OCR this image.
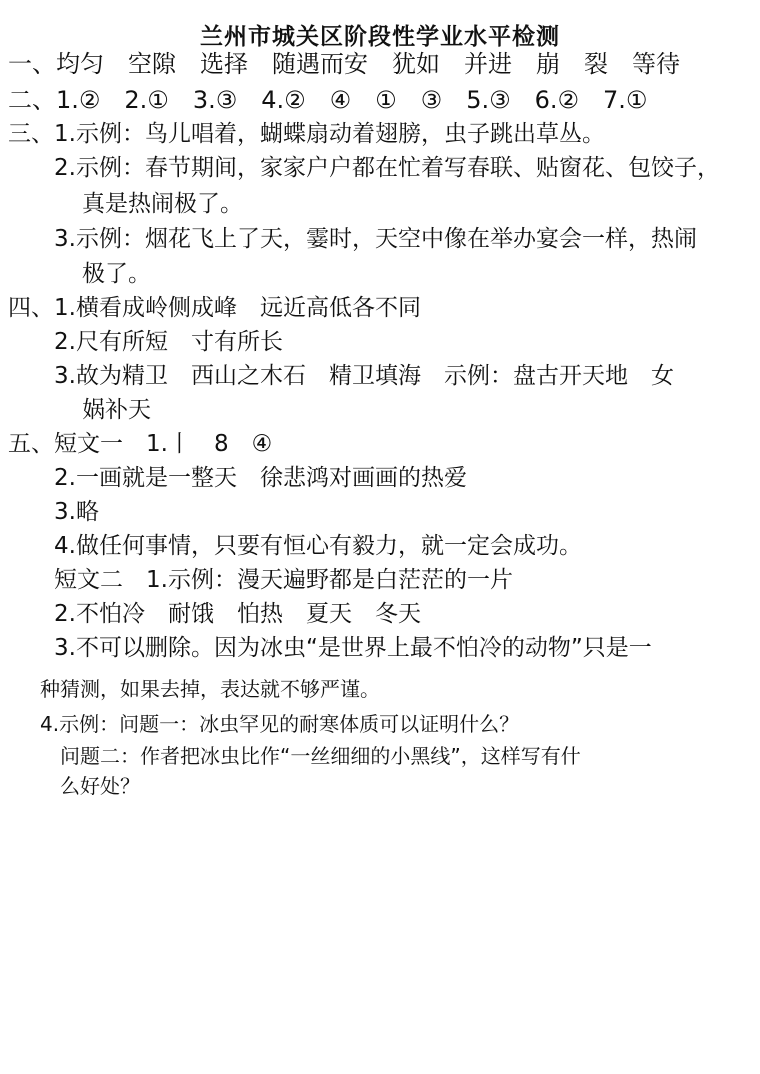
兰州市城关区阶段性学业水平检测
一、均匀　空隙　选择　随遇而安　犹如　并进　崩　裂　等待
二、1.②　2.①　3.③　4.②　④　①　③　5.③　6.②　7.①
三、1.示例：鸟儿唱着，蝴蝶扇动着翅膀，虫子跳出草丛。
2.示例：春节期间，家家户户都在忙着写春联、贴窗花、包饺子，
真是热闹极了。
3.示例：烟花飞上了天，霎时，天空中像在举办宴会一样，热闹
极了。
四、1.横看成岭侧成峰　远近高低各不同
2.尺有所短　寸有所长
3.故为精卫　西山之木石　精卫填海　示例：盘古开天地　女
娲补天
五、短文一　1.丨　8　④
2.一画就是一整天　徐悲鸿对画画的热爱
3.略
4.做任何事情，只要有恒心有毅力，就一定会成功。
短文二　1.示例：漫天遍野都是白茫茫的一片
2.不怕冷　耐饿　怕热　夏天　冬天
3.不可以删除。因为冰虫“是世界上最不怕冷的动物”只是一
种猜测，如果去掉，表达就不够严谨。
4.示例：问题一：冰虫罕见的耐寒体质可以证明什么？
问题二：作者把冰虫比作“一丝细细的小黑线”，这样写有什
么好处？
